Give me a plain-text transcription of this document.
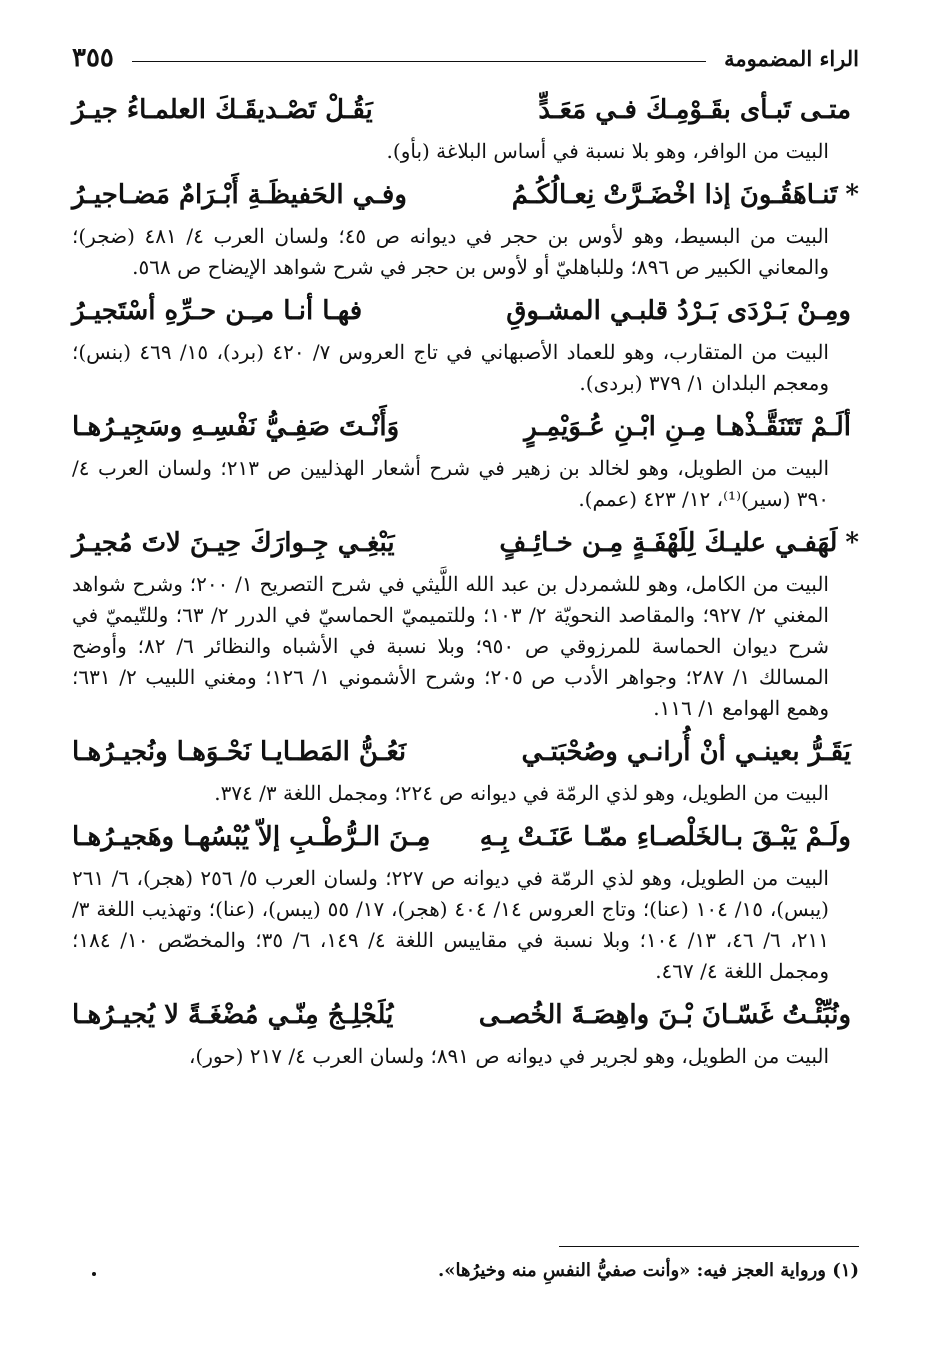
الراء المضمومة
٣٥٥
متـى تَبـأى بقَـوْمِـكَ فـي مَعَـدٍّ
يَقُـلْ تَصْـديقَـكَ العلمـاءُ جيـرُ

البيت من الوافر، وهو بلا نسبة في أساس البلاغة (بأو).

*تَنـاهَقُـونَ إذا اخْضَـرَّتْ نِعـالُكُـمُ
وفـي الحَفيظَـةِ أَبْـرَامٌ مَضـاجيـرُ

البيت من البسيط، وهو لأوس بن حجر في ديوانه ص ٤٥؛ ولسان العرب ٤/ ٤٨١ (ضجر)؛ والمعاني الكبير ص ٨٩٦؛ وللباهليّ أو لأوس بن حجر في شرح شواهد الإيضاح ص ٥٦٨.

ومِـنْ بَـرْدَى بَـرْدُ قلبـي المشـوقِ
فهـا أنـا مـِـن حـرِّهِ أسْتَجيـرُ

البيت من المتقارب، وهو للعماد الأصبهاني في تاج العروس ٧/ ٤٢٠ (برد)، ١٥/ ٤٦٩ (بنس)؛ ومعجم البلدان ١/ ٣٧٩ (بردى).

ألَـمْ تَتَنَقَّـذْهـا مِـنِ ابْـنِ عُـوَيْمِـرٍ
وَأَنْـتَ صَفِـيُّ نَفْسِـهِ وسَجِيـرُهـا

البيت من الطويل، وهو لخالد بن زهير في شرح أشعار الهذليين ص ٢١٣؛ ولسان العرب ٤/ ٣٩٠ (سير)⁽¹⁾، ١٢/ ٤٢٣ (عمم).

*لَهَفـي عليـكَ لِلَهْفَـةٍ مِـن خـائِـفٍ
يَبْغِـي جِـوارَكَ حِيـنَ لاتَ مُجيـرُ

البيت من الكامل، وهو للشمردل بن عبد الله اللَّيثي في شرح التصريح ١/ ٢٠٠؛ وشرح شواهد المغني ٢/ ٩٢٧؛ والمقاصد النحويّة ٢/ ١٠٣؛ وللتميميّ الحماسيّ في الدرر ٢/ ٦٣؛ وللتّيميّ في شرح ديوان الحماسة للمرزوقي ص ٩٥٠؛ وبلا نسبة في الأشباه والنظائر ٦/ ٨٢؛ وأوضح المسالك ١/ ٢٨٧؛ وجواهر الأدب ص ٢٠٥؛ وشرح الأشموني ١/ ١٢٦؛ ومغني اللبيب ٢/ ٦٣١؛ وهمع الهوامع ١/ ١١٦.

يَقَـرُّ بعينـي أنْ أُرانـي وصُحْبَتـي
نَعُـنُّ المَطـايـا نَحْـوَهـا ونُجيـرُهـا

البيت من الطويل، وهو لذي الرمّة في ديوانه ص ٢٢٤؛ ومجمل اللغة ٣/ ٣٧٤.

ولَـمْ يَبْـقَ بـالخَلْصـاءِ ممّـا عَنَـتْ بِـهِ
مِـنَ الـرُّطْـبِ إلاّ يُبْسُهـا وهَجيـرُهـا

البيت من الطويل، وهو لذي الرمّة في ديوانه ص ٢٢٧؛ ولسان العرب ٥/ ٢٥٦ (هجر)، ٦/ ٢٦١ (يبس)، ١٥/ ١٠٤ (عنا)؛ وتاج العروس ١٤/ ٤٠٤ (هجر)، ١٧/ ٥٥ (يبس)، (عنا)؛ وتهذيب اللغة ٣/ ٢١١، ٦/ ٤٦، ١٣/ ١٠٤؛ وبلا نسبة في مقاييس اللغة ٤/ ١٤٩، ٦/ ٣٥؛ والمخصّص ١٠/ ١٨٤؛ ومجمل اللغة ٤/ ٤٦٧.

ونُبِّئْـتُ غَسّـانَ بْـنَ واهِصَـةَ الخُصـى
يُلَجْلِـجُ مِنّـي مُضْغَـةً لا يُجيـرُهـا

البيت من الطويل، وهو لجرير في ديوانه ص ٨٩١؛ ولسان العرب ٤/ ٢١٧ (حور)،

(١) ورواية العجز فيه: «وأنت صفيُّ النفسِ منه وخيرُها».
